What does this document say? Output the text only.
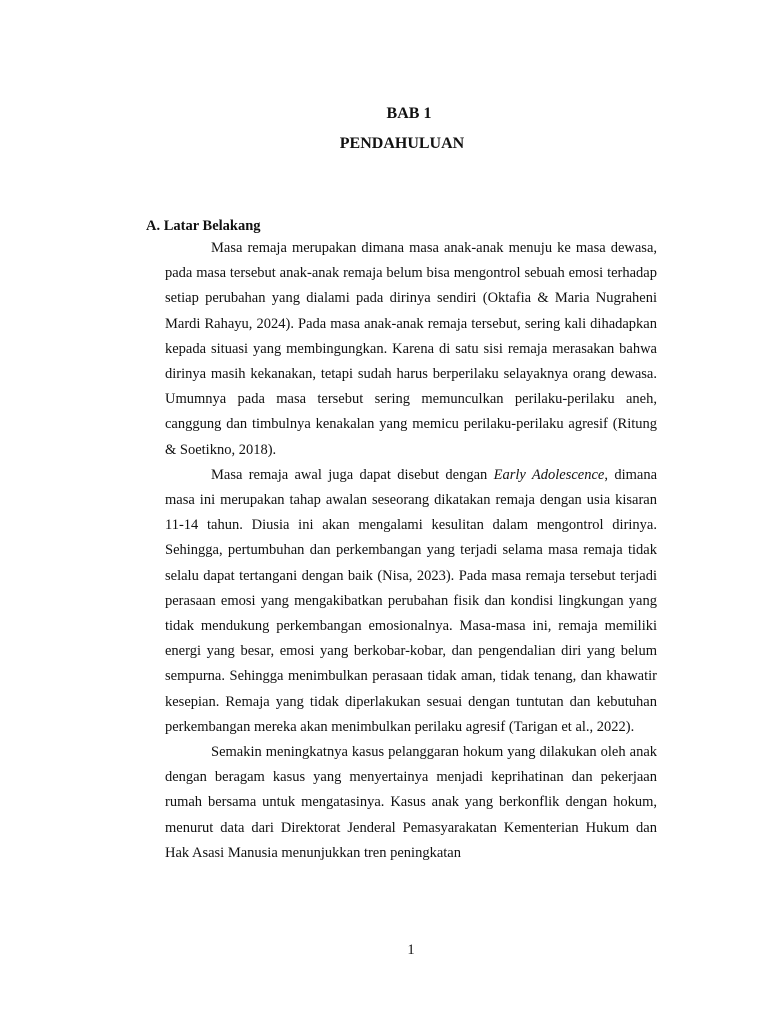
BAB 1
PENDAHULUAN
A. Latar Belakang

Masa remaja merupakan dimana masa anak-anak menuju ke masa dewasa, pada masa tersebut anak-anak remaja belum bisa mengontrol sebuah emosi terhadap setiap perubahan yang dialami pada dirinya sendiri (Oktafia & Maria Nugraheni Mardi Rahayu, 2024). Pada masa anak-anak remaja tersebut, sering kali dihadapkan kepada situasi yang membingungkan. Karena di satu sisi remaja merasakan bahwa dirinya masih kekanakan, tetapi sudah harus berperilaku selayaknya orang dewasa. Umumnya pada masa tersebut sering memunculkan perilaku-perilaku aneh, canggung dan timbulnya kenakalan yang memicu perilaku-perilaku agresif (Ritung & Soetikno, 2018).

Masa remaja awal juga dapat disebut dengan Early Adolescence, dimana masa ini merupakan tahap awalan seseorang dikatakan remaja dengan usia kisaran 11-14 tahun. Diusia ini akan mengalami kesulitan dalam mengontrol dirinya. Sehingga, pertumbuhan dan perkembangan yang terjadi selama masa remaja tidak selalu dapat tertangani dengan baik (Nisa, 2023). Pada masa remaja tersebut terjadi perasaan emosi yang mengakibatkan perubahan fisik dan kondisi lingkungan yang tidak mendukung perkembangan emosionalnya. Masa-masa ini, remaja memiliki energi yang besar, emosi yang berkobar-kobar, dan pengendalian diri yang belum sempurna. Sehingga menimbulkan perasaan tidak aman, tidak tenang, dan khawatir kesepian. Remaja yang tidak diperlakukan sesuai dengan tuntutan dan kebutuhan perkembangan mereka akan menimbulkan perilaku agresif (Tarigan et al., 2022).

Semakin meningkatnya kasus pelanggaran hokum yang dilakukan oleh anak dengan beragam kasus yang menyertainya menjadi keprihatinan dan pekerjaan rumah bersama untuk mengatasinya. Kasus anak yang berkonflik dengan hokum, menurut data dari Direktorat Jenderal Pemasyarakatan Kementerian Hukum dan Hak Asasi Manusia menunjukkan tren peningkatan

1
